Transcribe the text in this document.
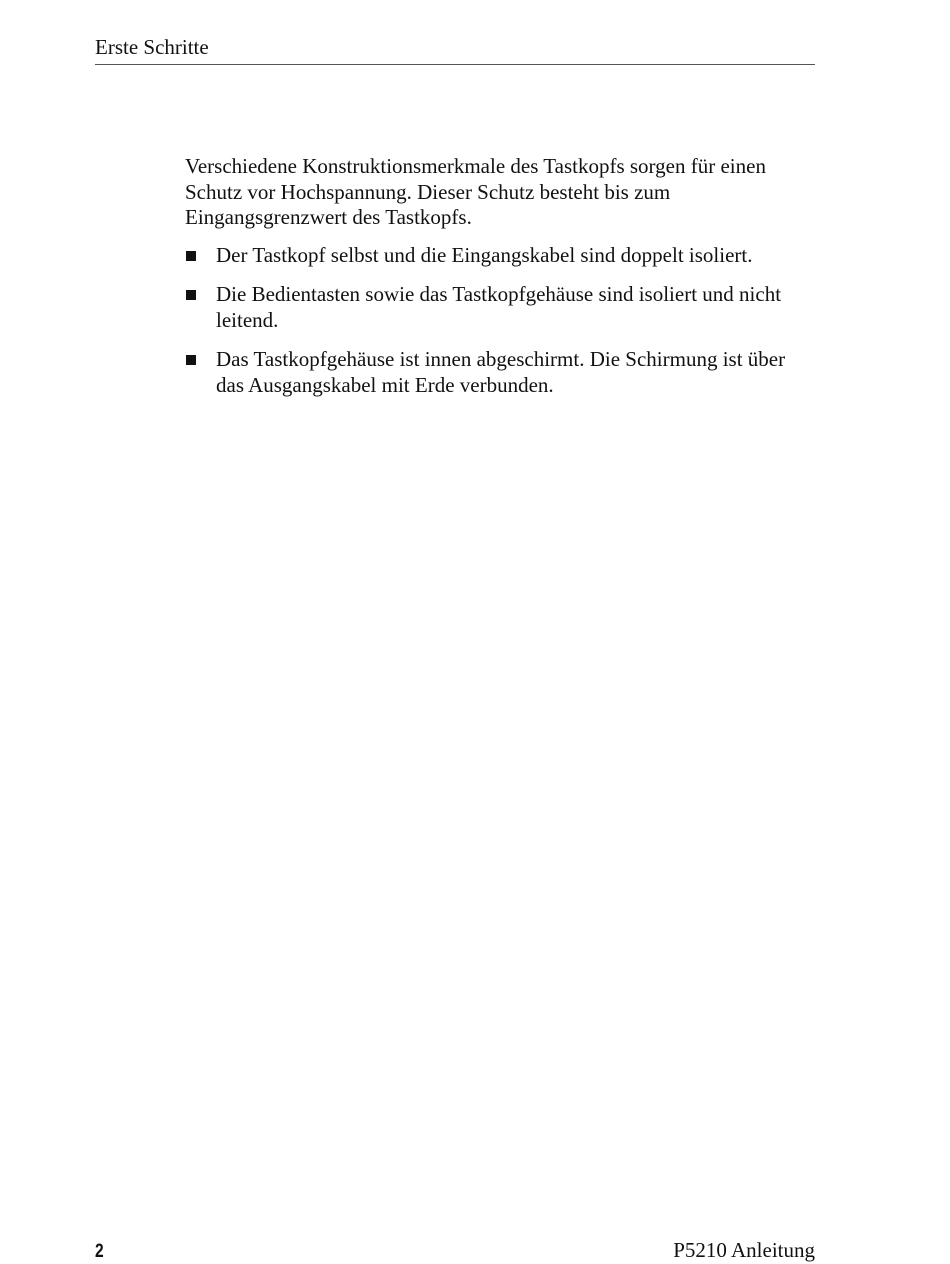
Erste Schritte

Verschiedene Konstruktionsmerkmale des Tastkopfs sorgen für einen Schutz vor Hochspannung. Dieser Schutz besteht bis zum Eingangsgrenzwert des Tastkopfs.

Der Tastkopf selbst und die Eingangskabel sind doppelt isoliert.
Die Bedientasten sowie das Tastkopfgehäuse sind isoliert und nicht leitend.
Das Tastkopfgehäuse ist innen abgeschirmt. Die Schirmung ist über das Ausgangskabel mit Erde verbunden.
2	P5210 Anleitung
